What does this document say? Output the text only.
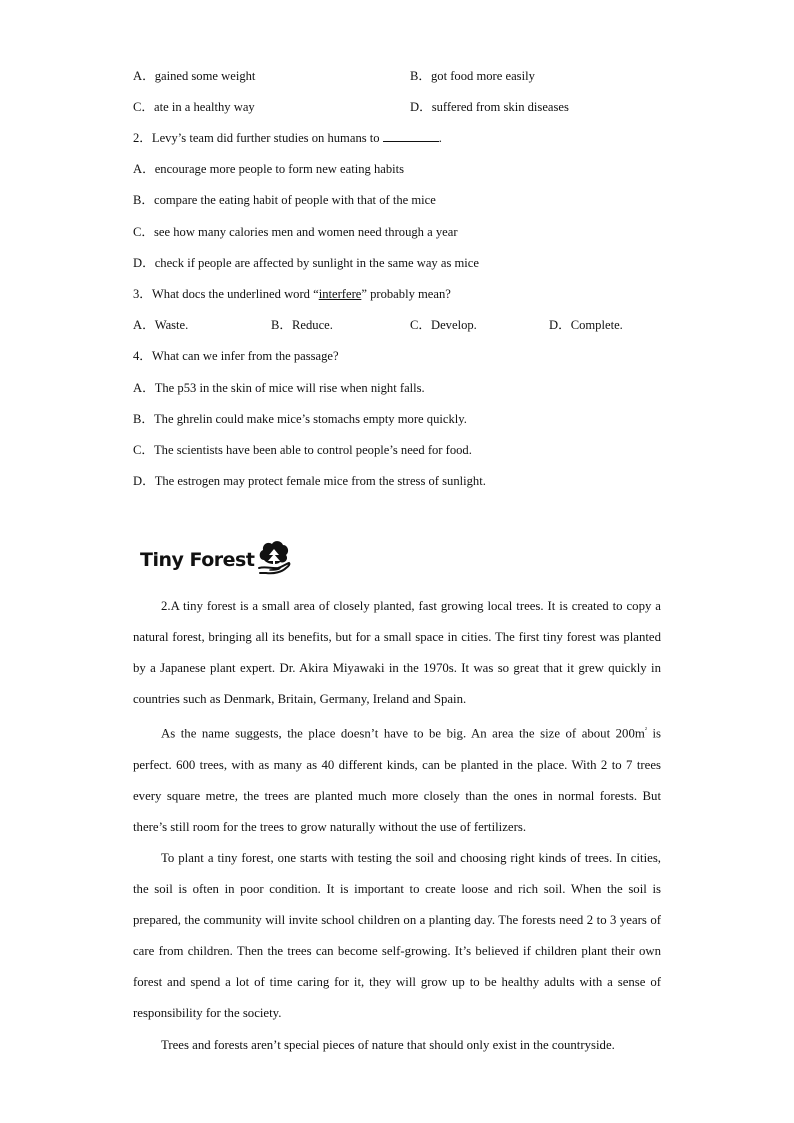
A．gained some weight	B．got food more easily
C．ate in a healthy way	D．suffered from skin diseases
2．Levy’s team did further studies on humans to	.
A．encourage more people to form new eating habits
B．compare the eating habit of people with that of the mice
C．see how many calories men and women need through a year
D．check if people are affected by sunlight in the same way as mice
3．What docs the underlined word “interfere” probably mean?
A．Waste.	B．Reduce.	C．Develop.	D．Complete.
4．What can we infer from the passage?
A．The p53 in the skin of mice will rise when night falls.
B．The ghrelin could make mice’s stomachs empty more quickly.
C．The scientists have been able to control people’s need for food.
D．The estrogen may protect female mice from the stress of sunlight.
Tiny Forest

2.A tiny forest is a small area of closely planted, fast growing local trees. It is created to copy a natural forest, bringing all its benefits, but for a small space in cities. The first tiny forest was planted by a Japanese plant expert. Dr. Akira Miyawaki in the 1970s. It was so great that it grew quickly in countries such as Denmark, Britain, Germany, Ireland and Spain.

As the name suggests, the place doesn’t have to be big. An area the size of about $200m^{^2}$ is perfect. 600 trees, with as many as 40 different kinds, can be planted in the place. With 2 to 7 trees every square metre, the trees are planted much more closely than the ones in normal forests. But there’s still room for the trees to grow naturally without the use of fertilizers.

To plant a tiny forest, one starts with testing the soil and choosing right kinds of trees. In cities, the soil is often in poor condition. It is important to create loose and rich soil. When the soil is prepared, the community will invite school children on a planting day. The forests need 2 to 3 years of care from children. Then the trees can become self-growing. It’s believed if children plant their own forest and spend a lot of time caring for it, they will grow up to be healthy adults with a sense of responsibility for the society.

Trees and forests aren’t special pieces of nature that should only exist in the countryside.
